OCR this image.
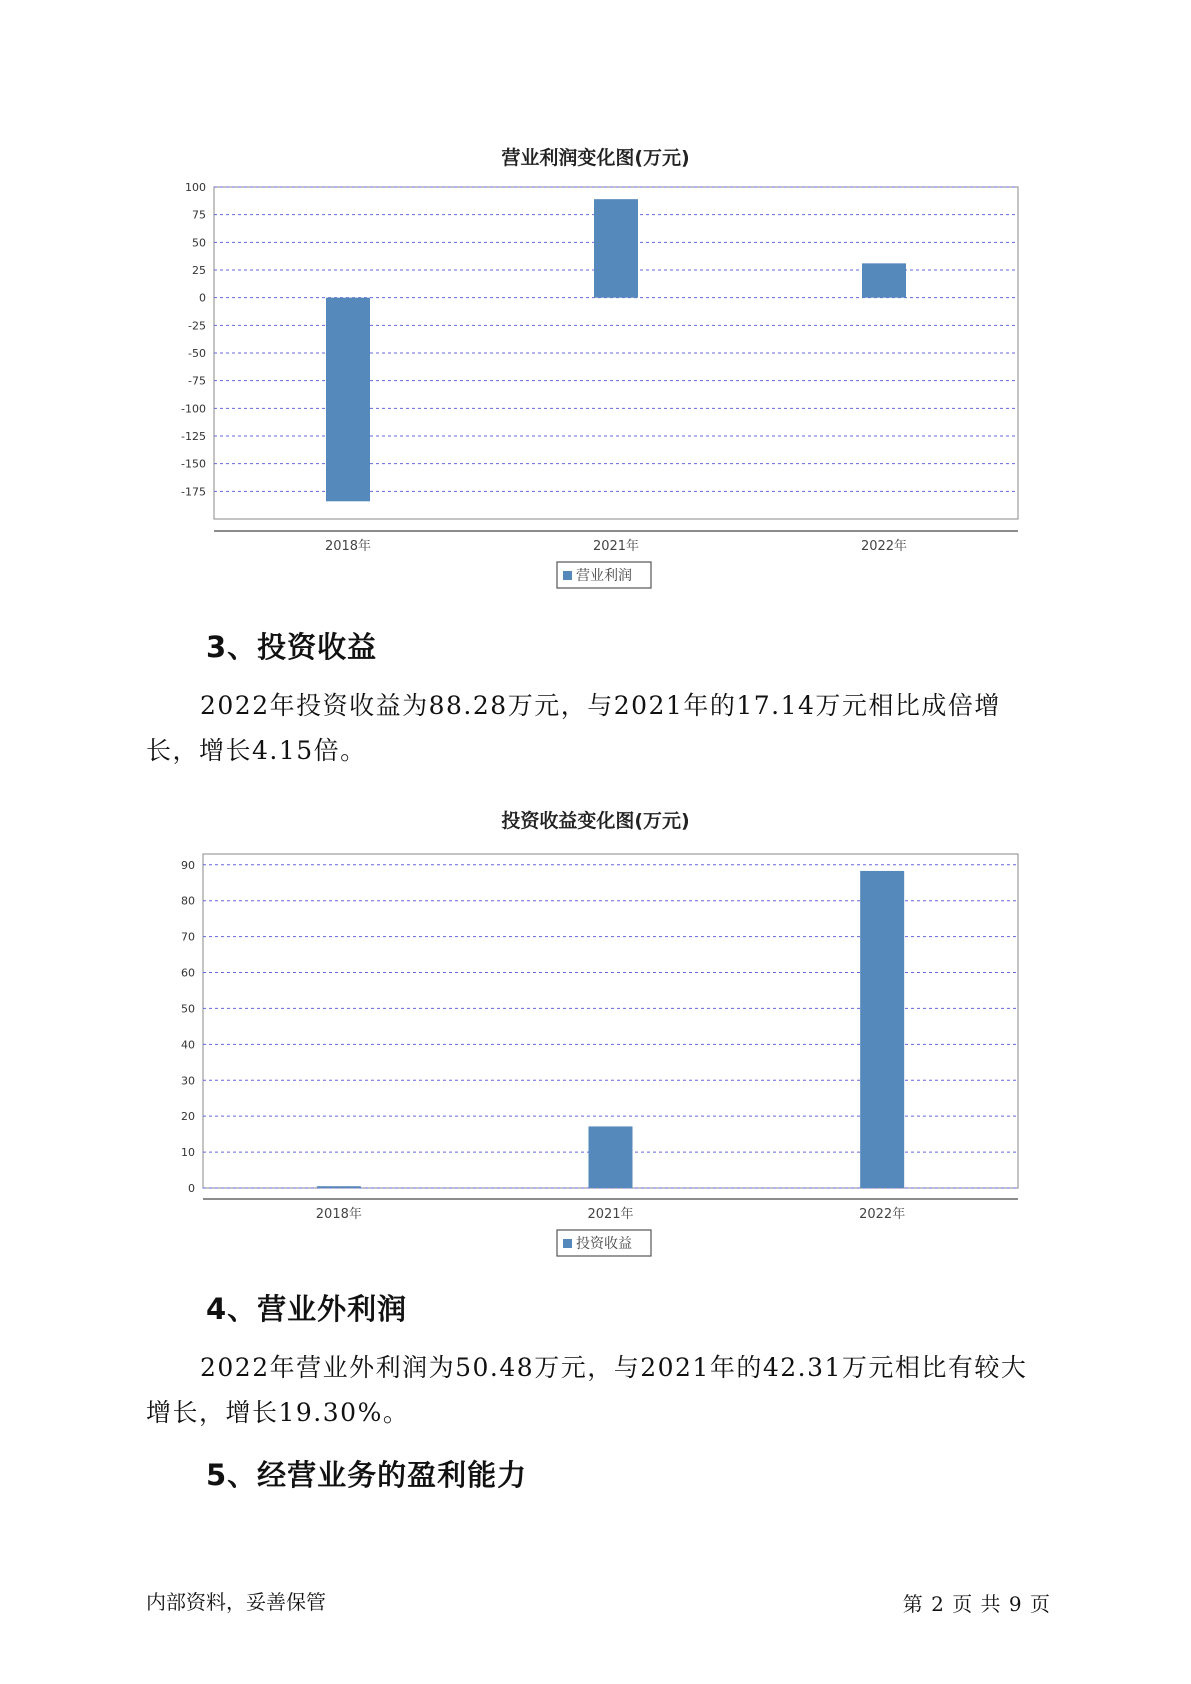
营业利润变化图(万元)
100
75
50
25
0
-25
-50
-75
-100
-125
-150
-175
2018年	2021年	2022年
营业利润
3、投资收益

2022年投资收益为88.28万元，与2021年的17.14万元相比成倍增长，增长4.15倍。

投资收益变化图(万元)
90
80
70
60
50
40
30
20
10
0
2018年	2021年	2022年
投资收益
4、营业外利润

2022年营业外利润为50.48万元，与2021年的42.31万元相比有较大增长，增长19.30%。

5、经营业务的盈利能力
内部资料，妥善保管	第 2 页 共 9 页
